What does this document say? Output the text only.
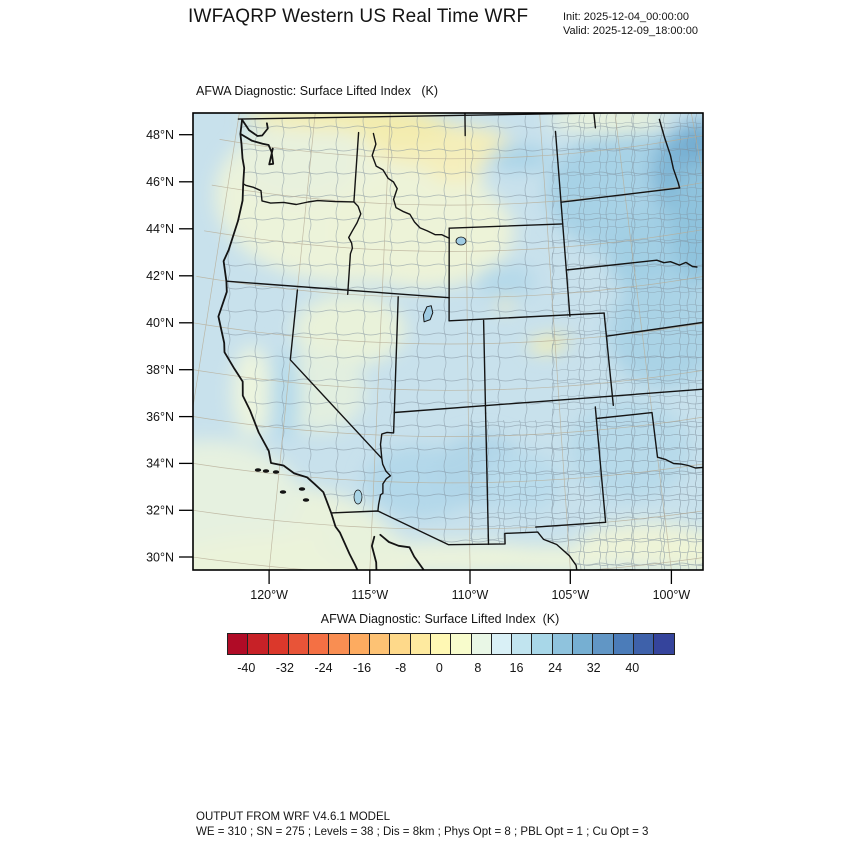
IWFAQRP Western US Real Time WRF	Init: 2025-12-04_00:00:00
Valid: 2025-12-09_18:00:00
AFWA Diagnostic: Surface Lifted Index   (K)
48°N
46°N
44°N
42°N
40°N
38°N
36°N
34°N
32°N
30°N
120°W	115°W	110°W	105°W	100°W
AFWA Diagnostic: Surface Lifted Index  (K)
-40 -32 -24 -16 -8 0	8 16 24 32 40
OUTPUT FROM WRF V4.6.1 MODEL
WE = 310 ; SN = 275 ; Levels = 38 ; Dis = 8km ; Phys Opt = 8 ; PBL Opt = 1 ; Cu Opt = 3
